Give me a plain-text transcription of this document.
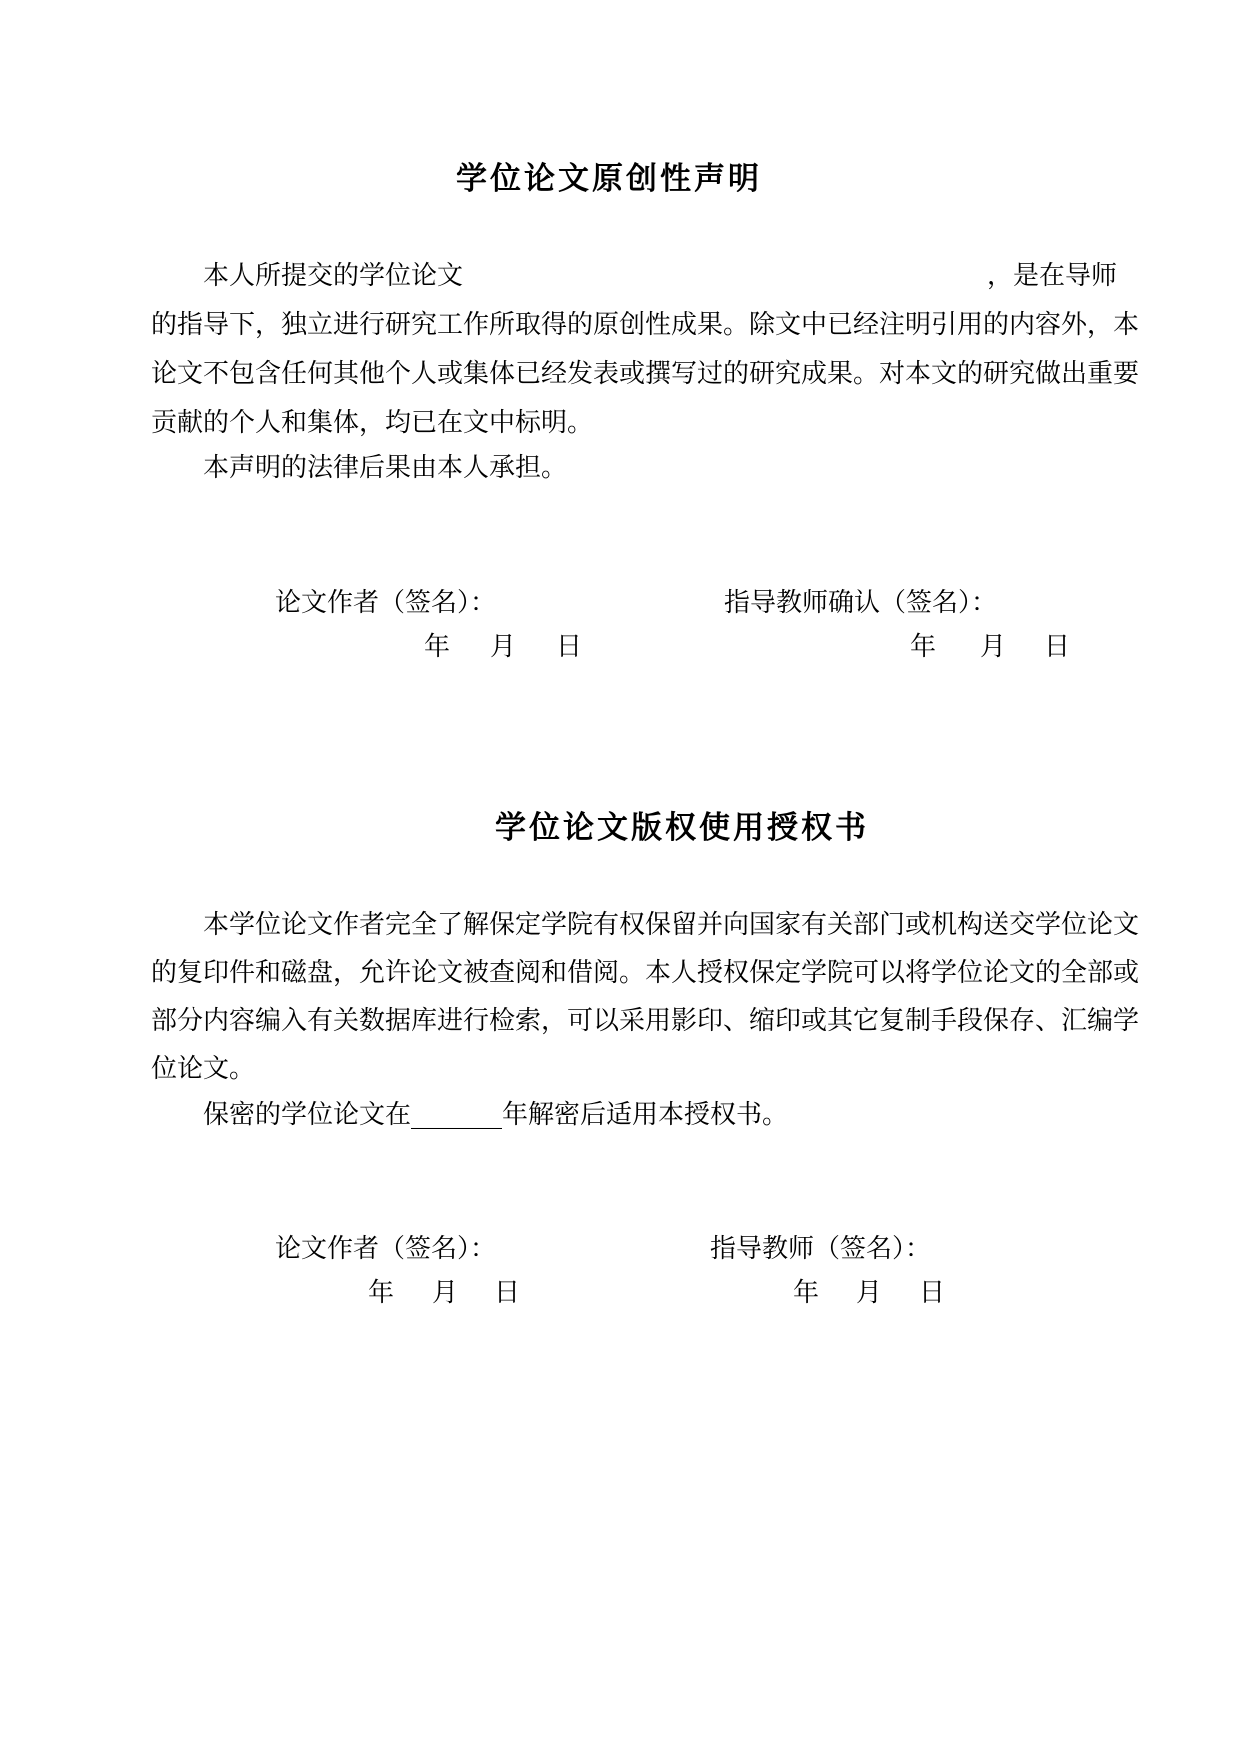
学位论文原创性声明
本人所提交的学位论文	，是在导师
的指导下，独立进行研究工作所取得的原创性成果。除文中已经注明引用的内容外，本
论文不包含任何其他个人或集体已经发表或撰写过的研究成果。对本文的研究做出重要
贡献的个人和集体，均已在文中标明。
本声明的法律后果由本人承担。
论文作者（签名）：	指导教师确认（签名）：
年 月 日	年 月 日
学位论文版权使用授权书
本学位论文作者完全了解保定学院有权保留并向国家有关部门或机构送交学位论文
的复印件和磁盘，允许论文被查阅和借阅。本人授权保定学院可以将学位论文的全部或
部分内容编入有关数据库进行检索，可以采用影印、缩印或其它复制手段保存、汇编学
位论文。
保密的学位论文在_______年解密后适用本授权书。
论文作者（签名）：	指导教师（签名）：
年 月 日	年 月 日
